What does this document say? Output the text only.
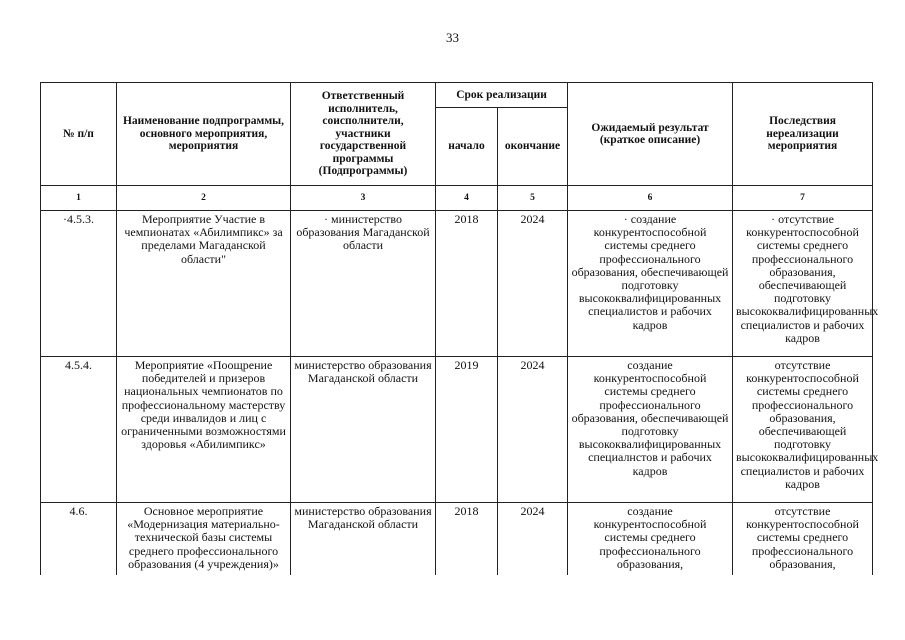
33
№ п/п	Наименование подпрограммы, основного мероприятия, мероприятия	Ответственный исполнитель, соисполнители, участники государственной программы (Подпрограммы)	Срок реализации		Ожидаемый результат (краткое описание)	Последствия нереализации мероприятия
			начало	окончание		
1	2	3	4	5	6	7
·4.5.3.	Мероприятие Участие в чемпионатах «Абилимпикс» за пределами Магаданской области"	· министерство образования Магаданской области	2018	2024	· создание конкурентоспособной системы среднего профессионального образования, обеспечивающей подготовку высококвалифицированных специалистов и рабочих кадров	· отсутствие конкурентоспособной системы среднего профессионального образования, обеспечивающей подготовку высококвалифицированных специалистов и рабочих кадров
4.5.4.	Мероприятие «Поощрение победителей и призеров национальных чемпионатов по профессиональному мастерству среди инвалидов и лиц с ограниченными возможностями здоровья «Абилимпикс»	министерство образования Магаданской области	2019	2024	создание конкурентоспособной системы среднего профессионального образования, обеспечивающей подготовку высококвалифицированных специалнстов и рабочих кадров	отсутствие конкурентоспособной системы среднего профессионального образования, обеспечивающей подготовку высококвалифицированных специалистов и рабочих кадров
4.6.	Основное мероприятие «Модернизация материально-технической базы системы среднего профессионального образования (4 учреждения)»	министерство образования Магаданской области	2018	2024	создание конкурентоспособной системы среднего профессионального образования,	отсутствие конкурентоспособной системы среднего профессионального образования,
